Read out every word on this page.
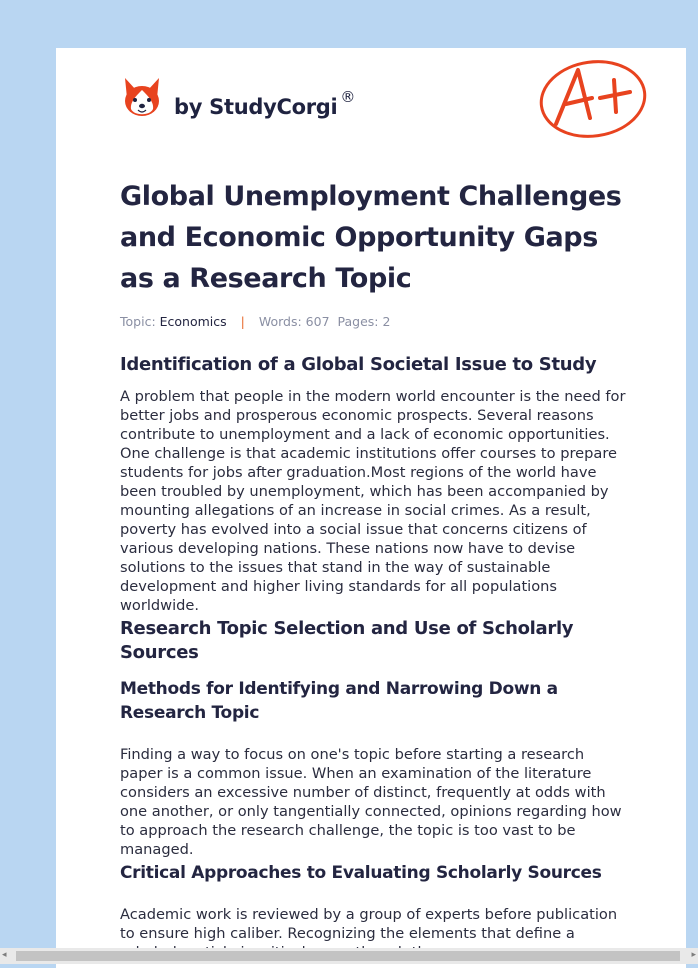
by StudyCorgi ®
Global Unemployment Challenges and Economic Opportunity Gaps as a Research Topic
Topic: Economics | Words: 607 Pages: 2
Identification of a Global Societal Issue to Study

A problem that people in the modern world encounter is the need for better jobs and prosperous economic prospects. Several reasons contribute to unemployment and a lack of economic opportunities. One challenge is that academic institutions offer courses to prepare students for jobs after graduation.Most regions of the world have been troubled by unemployment, which has been accompanied by mounting allegations of an increase in social crimes. As a result, poverty has evolved into a social issue that concerns citizens of various developing nations. These nations now have to devise solutions to the issues that stand in the way of sustainable development and higher living standards for all populations worldwide.

Research Topic Selection and Use of Scholarly Sources
Methods for Identifying and Narrowing Down a Research Topic

Finding a way to focus on one's topic before starting a research paper is a common issue. When an examination of the literature considers an excessive number of distinct, frequently at odds with one another, or only tangentially connected, opinions regarding how to approach the research challenge, the topic is too vast to be managed.

Critical Approaches to Evaluating Scholarly Sources

Academic work is reviewed by a group of experts before publication to ensure high caliber. Recognizing the elements that define a

◂	▸
